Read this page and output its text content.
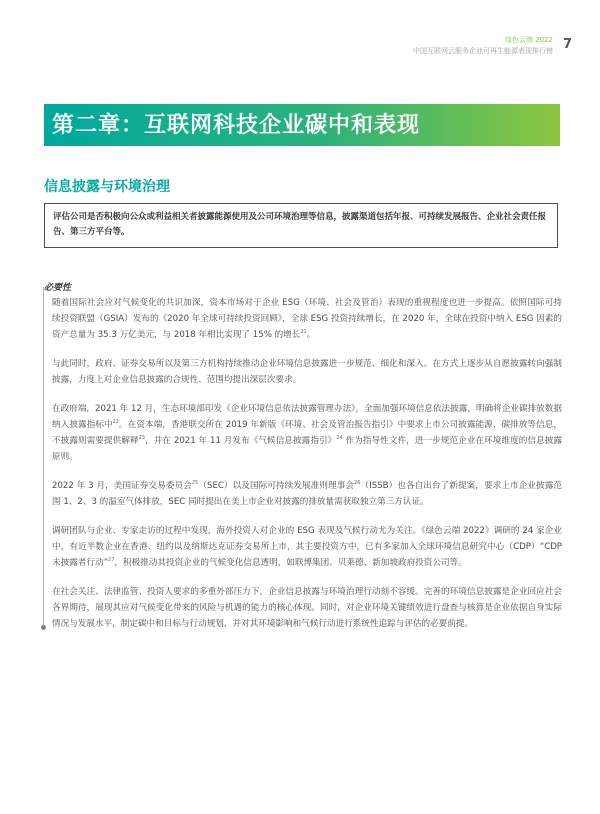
绿色云端 2022
中国互联网云服务企业可再生能源表现排行榜 7
第二章：互联网科技企业碳中和表现
信息披露与环境治理
评估公司是否积极向公众或利益相关者披露能源使用及公司环境治理等信息，披露渠道包括年报、可持续发展报告、企业社会责任报告、第三方平台等。
必要性

随着国际社会应对气候变化的共识加深，资本市场对于企业 ESG（环境、社会及管治）表现的重视程度也进一步提高。依照国际可持续投资联盟（GSIA）发布的《2020 年全球可持续投资回顾》，全球 ESG 投资持续增长，在 2020 年，全球在投资中纳入 ESG 因素的资产总量为 35.3 万亿美元，与 2018 年相比实现了 15% 的增长$^{21}$。

与此同时，政府、证券交易所以及第三方机构持续推动企业环境信息披露进一步规范、细化和深入。在方式上逐步从自愿披露转向强制披露，力度上对企业信息披露的合规性、范围均提出深层次要求。

在政府端，2021 年 12 月，生态环境部印发《企业环境信息依法披露管理办法》，全面加强环境信息依法披露，明确将企业碳排放数据纳入披露指标中$^{22}$。在资本端，香港联交所在 2019 年新版《环境、社会及管治报告指引》中要求上市公司披露能源、碳排放等信息，不披露则需要提供解释$^{23}$，并在 2021 年 11 月发布《气候信息披露指引》$^{24}$ 作为指导性文件，进一步规范企业在环境维度的信息披露原则。

2022 年 3 月，美国证券交易委员会$^{25}$（SEC）以及国际可持续发展准则理事会$^{26}$（ISSB）也各自出台了新提案，要求上市企业披露范围 1、2、3 的温室气体排放，SEC 同时提出在美上市企业对披露的排放量需获取独立第三方认证。

调研团队与企业、专家走访的过程中发现，海外投资人对企业的 ESG 表现及气候行动尤为关注。《绿色云端 2022》调研的 24 家企业中，有近半数企业在香港、纽约以及纳斯达克证券交易所上市，其主要投资方中，已有多家加入全球环境信息研究中心（CDP）“CDP 未披露者行动”$^{27}$，积极推动其投资企业的气候变化信息透明，如联博集团、贝莱德、新加坡政府投资公司等。

在社会关注、法律监管、投资人要求的多重外部压力下，企业信息披露与环境治理行动刻不容缓。完善的环境信息披露是企业回应社会各界期待，展现其应对气候变化带来的风险与机遇的能力的核心体现。同时，对企业环境关键绩效进行盘查与核算是企业依据自身实际情况与发展水平，制定碳中和目标与行动规划，并对其环境影响和气候行动进行系统性追踪与评估的必要前提。
